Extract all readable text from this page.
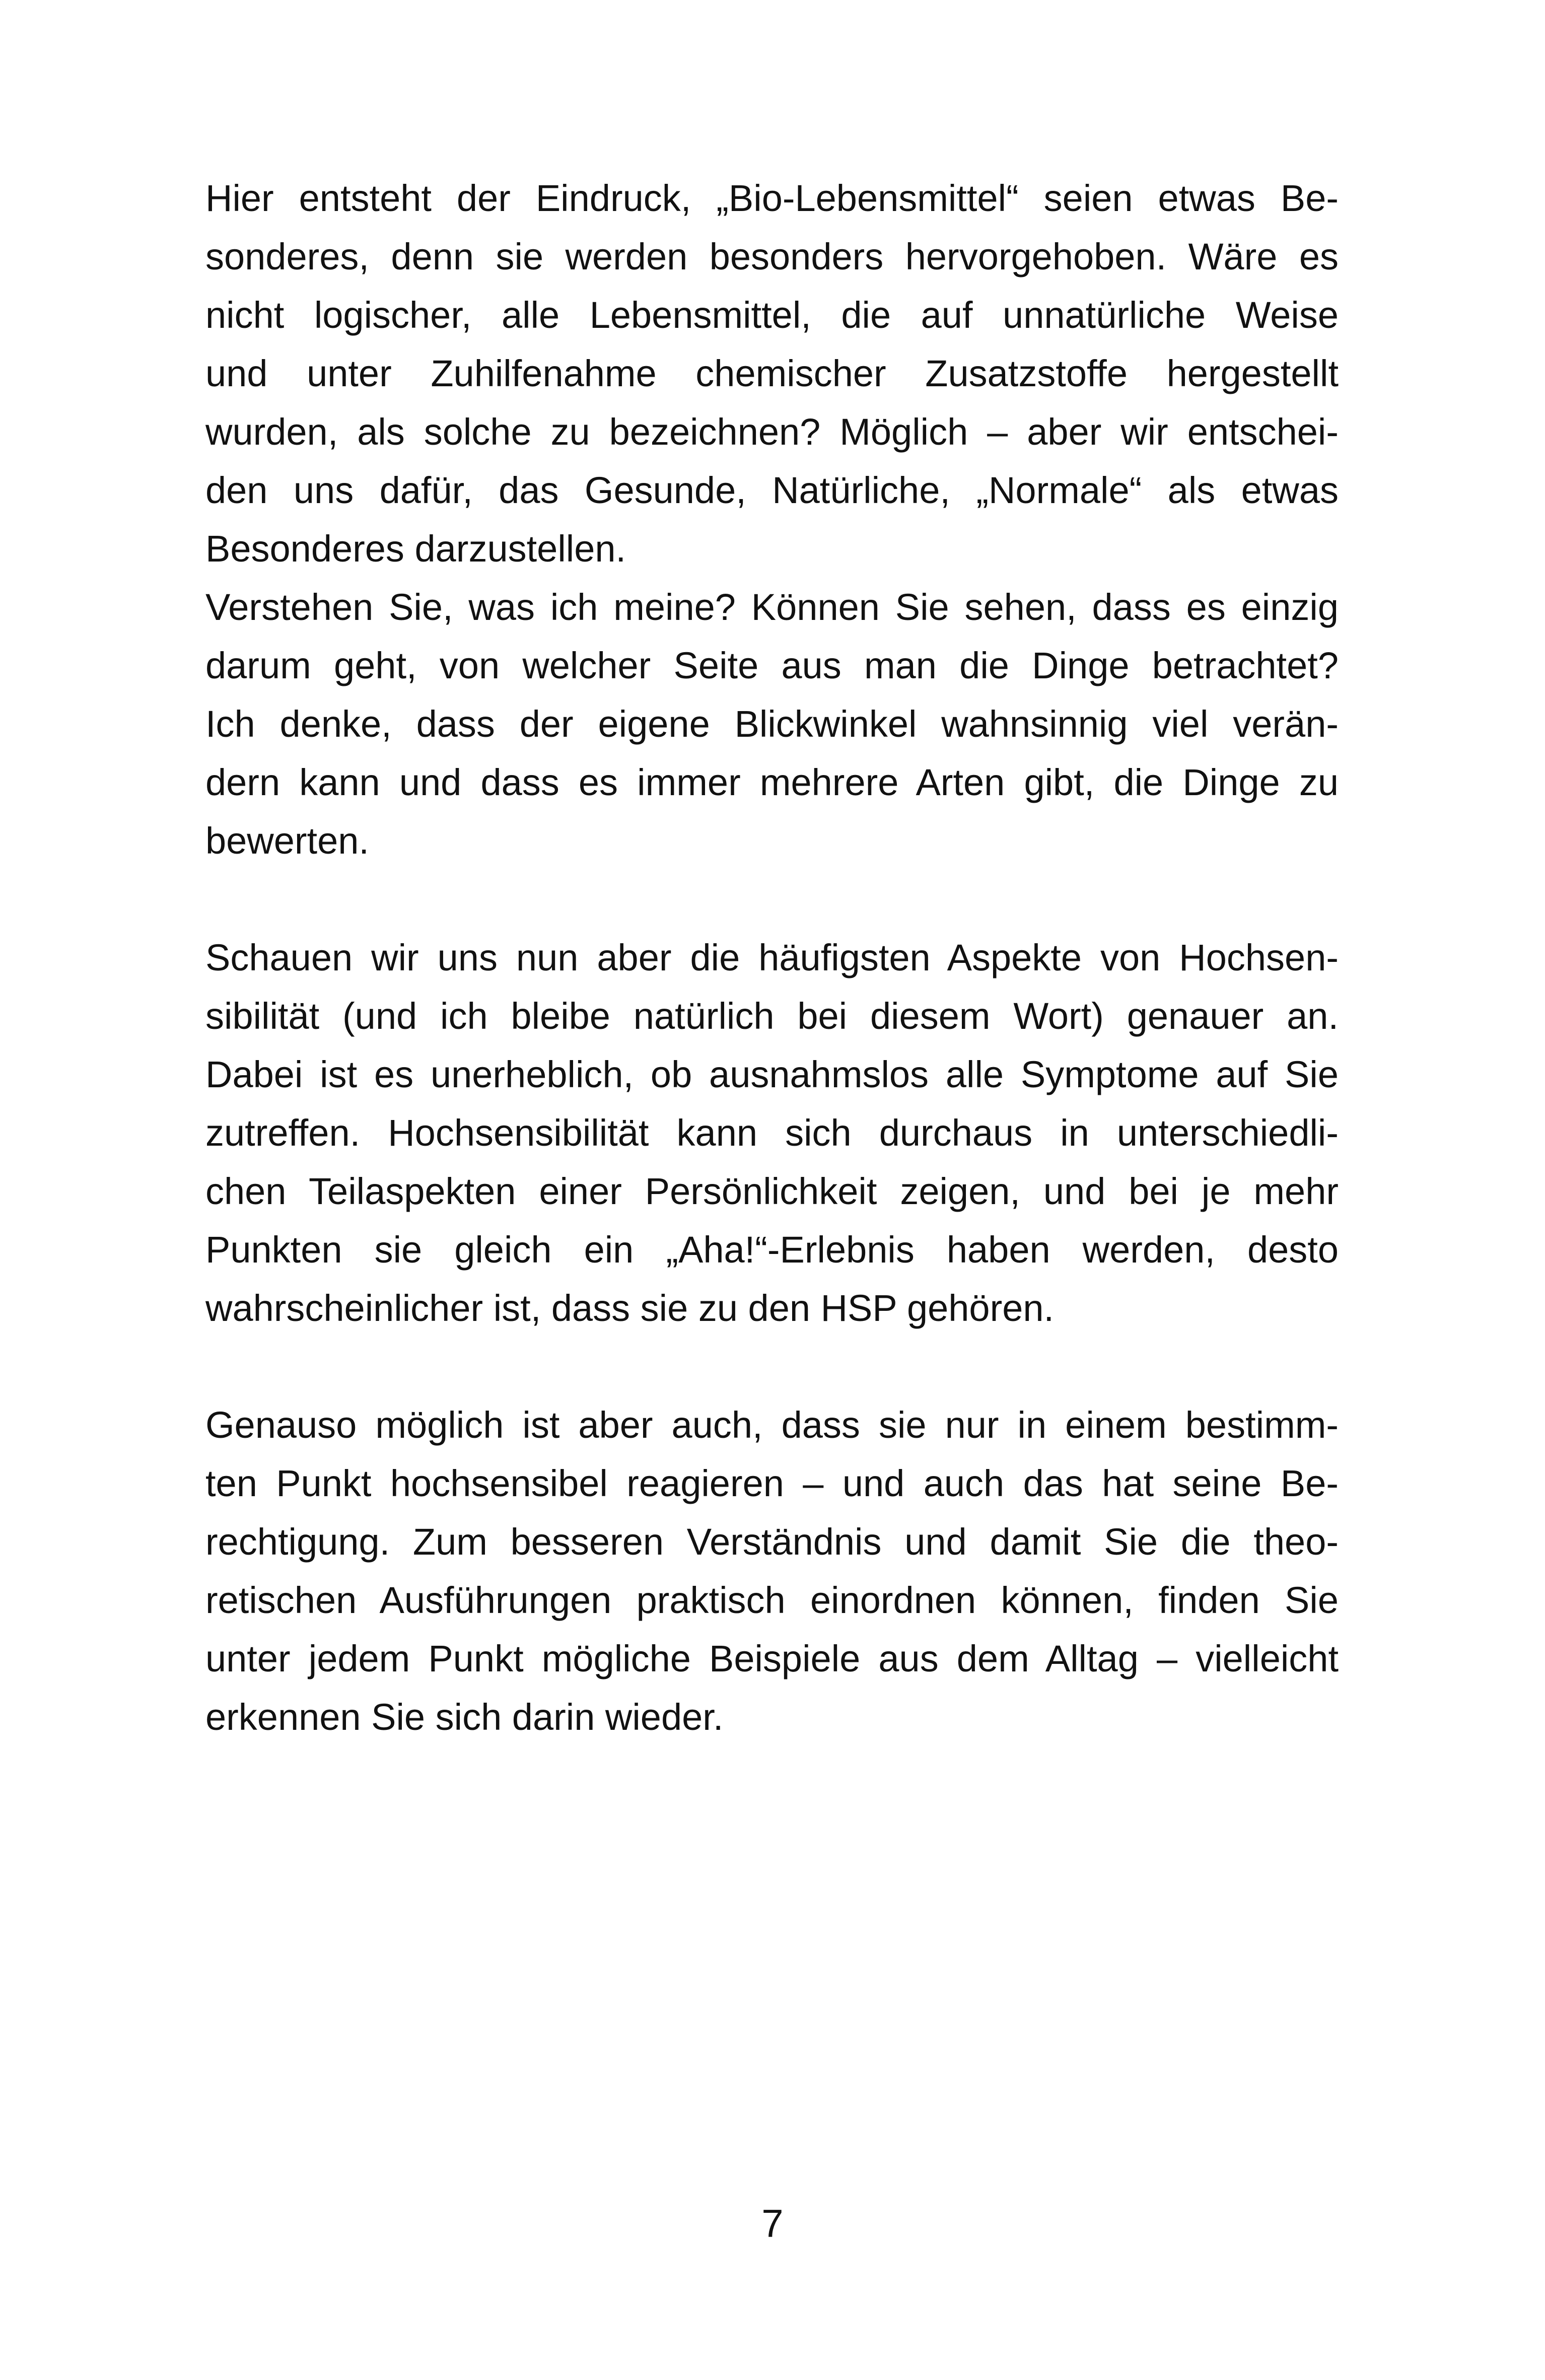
Hier entsteht der Eindruck, „Bio-Lebensmittel“ seien etwas Be-
sonderes, denn sie werden besonders hervorgehoben. Wäre es
nicht logischer, alle Lebensmittel, die auf unnatürliche Weise
und unter Zuhilfenahme chemischer Zusatzstoffe hergestellt
wurden, als solche zu bezeichnen? Möglich – aber wir entschei-
den uns dafür, das Gesunde, Natürliche, „Normale“ als etwas
Besonderes darzustellen.
Verstehen Sie, was ich meine? Können Sie sehen, dass es einzig
darum geht, von welcher Seite aus man die Dinge betrachtet?
Ich denke, dass der eigene Blickwinkel wahnsinnig viel verän-
dern kann und dass es immer mehrere Arten gibt, die Dinge zu
bewerten.
Schauen wir uns nun aber die häufigsten Aspekte von Hochsen-
sibilität (und ich bleibe natürlich bei diesem Wort) genauer an.
Dabei ist es unerheblich, ob ausnahmslos alle Symptome auf Sie
zutreffen. Hochsensibilität kann sich durchaus in unterschiedli-
chen Teilaspekten einer Persönlichkeit zeigen, und bei je mehr
Punkten sie gleich ein „Aha!“-Erlebnis haben werden, desto
wahrscheinlicher ist, dass sie zu den HSP gehören.
Genauso möglich ist aber auch, dass sie nur in einem bestimm-
ten Punkt hochsensibel reagieren – und auch das hat seine Be-
rechtigung. Zum besseren Verständnis und damit Sie die theo-
retischen Ausführungen praktisch einordnen können, finden Sie
unter jedem Punkt mögliche Beispiele aus dem Alltag – vielleicht
erkennen Sie sich darin wieder.
7
